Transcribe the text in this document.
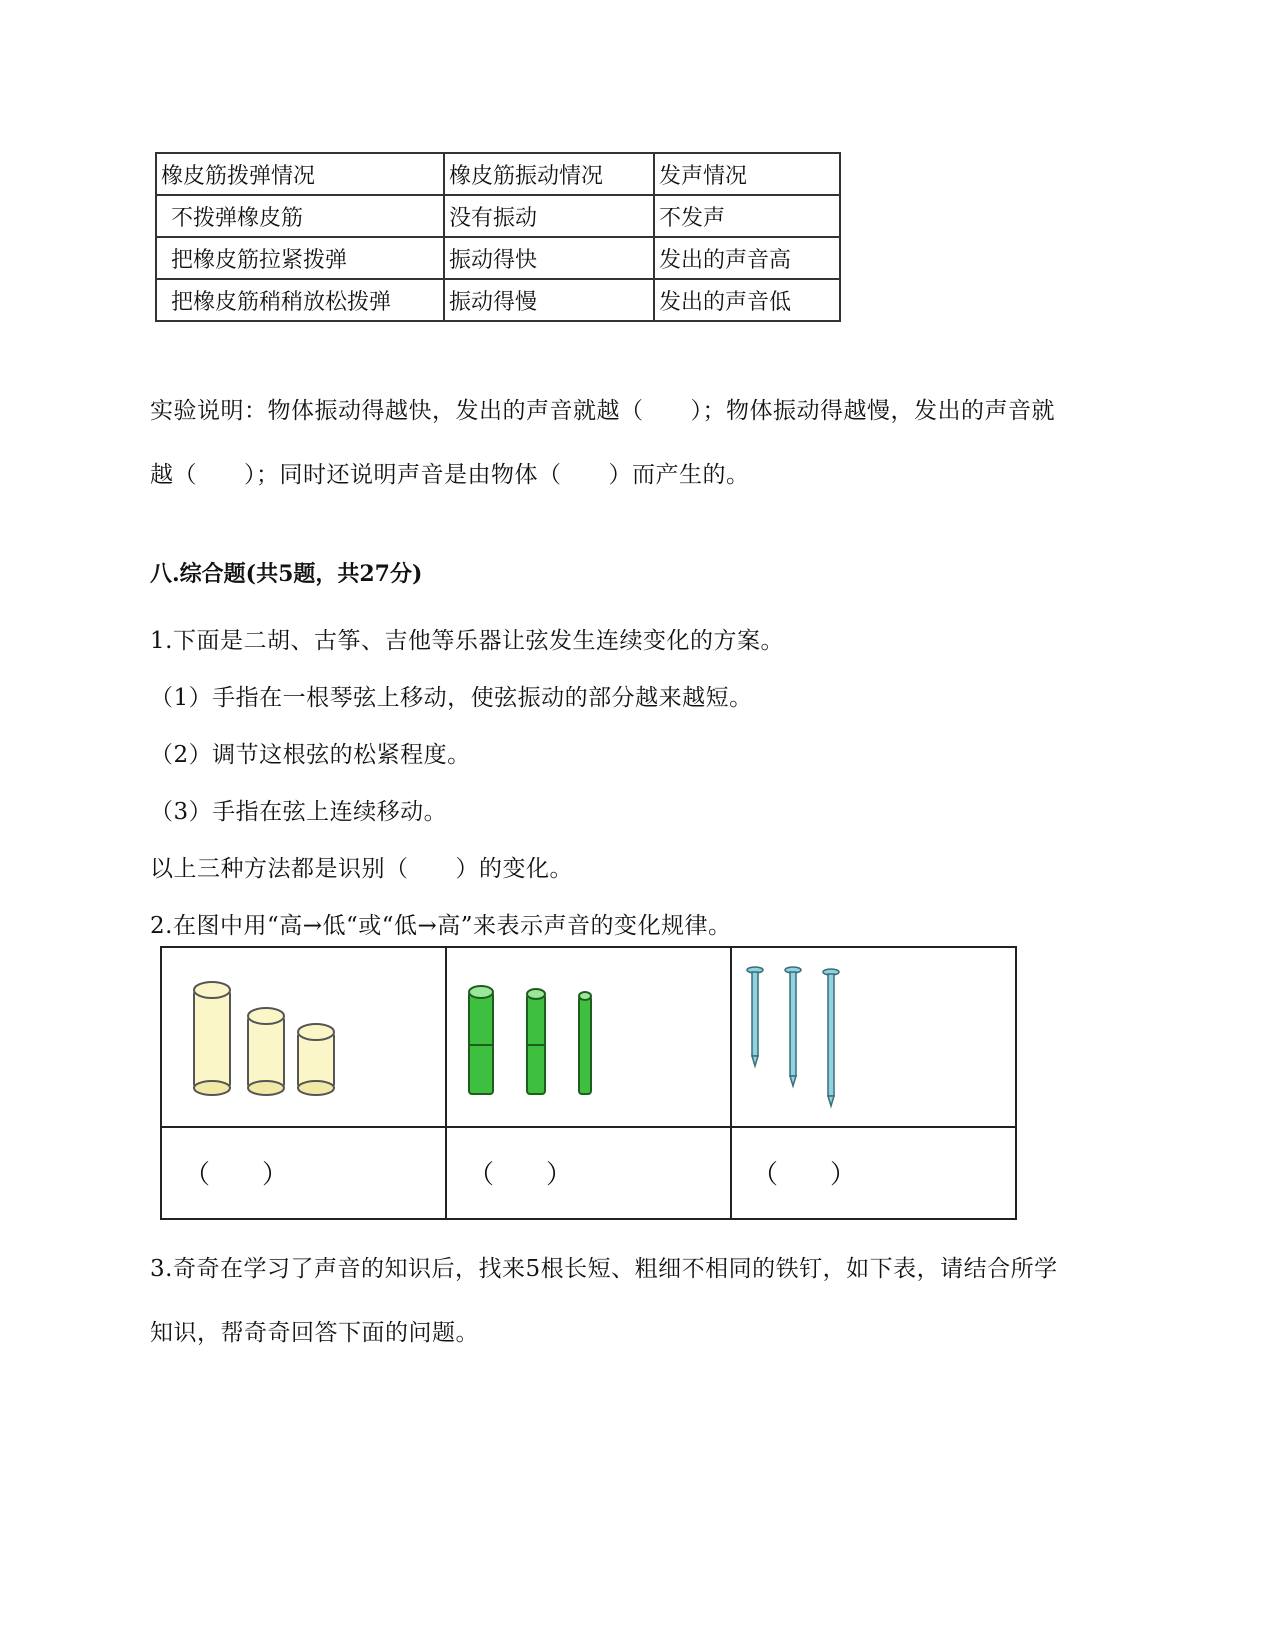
橡皮筋拨弹情况	橡皮筋振动情况	发声情况
不拨弹橡皮筋	没有振动	不发声
把橡皮筋拉紧拨弹	振动得快	发出的声音高
把橡皮筋稍稍放松拨弹	振动得慢	发出的声音低
实验说明：物体振动得越快，发出的声音就越（　　）；物体振动得越慢，发出的声音就
越（　　）；同时还说明声音是由物体（　　）而产生的。
八.综合题(共5题，共27分)
1.下面是二胡、古筝、吉他等乐器让弦发生连续变化的方案。
（1）手指在一根琴弦上移动，使弦振动的部分越来越短。
（2）调节这根弦的松紧程度。
（3）手指在弦上连续移动。
以上三种方法都是识别（　　）的变化。
2.在图中用“高→低“或“低→高”来表示声音的变化规律。
（　　）	（　　）	（　　）
3.奇奇在学习了声音的知识后，找来5根长短、粗细不相同的铁钉，如下表，请结合所学
知识，帮奇奇回答下面的问题。
